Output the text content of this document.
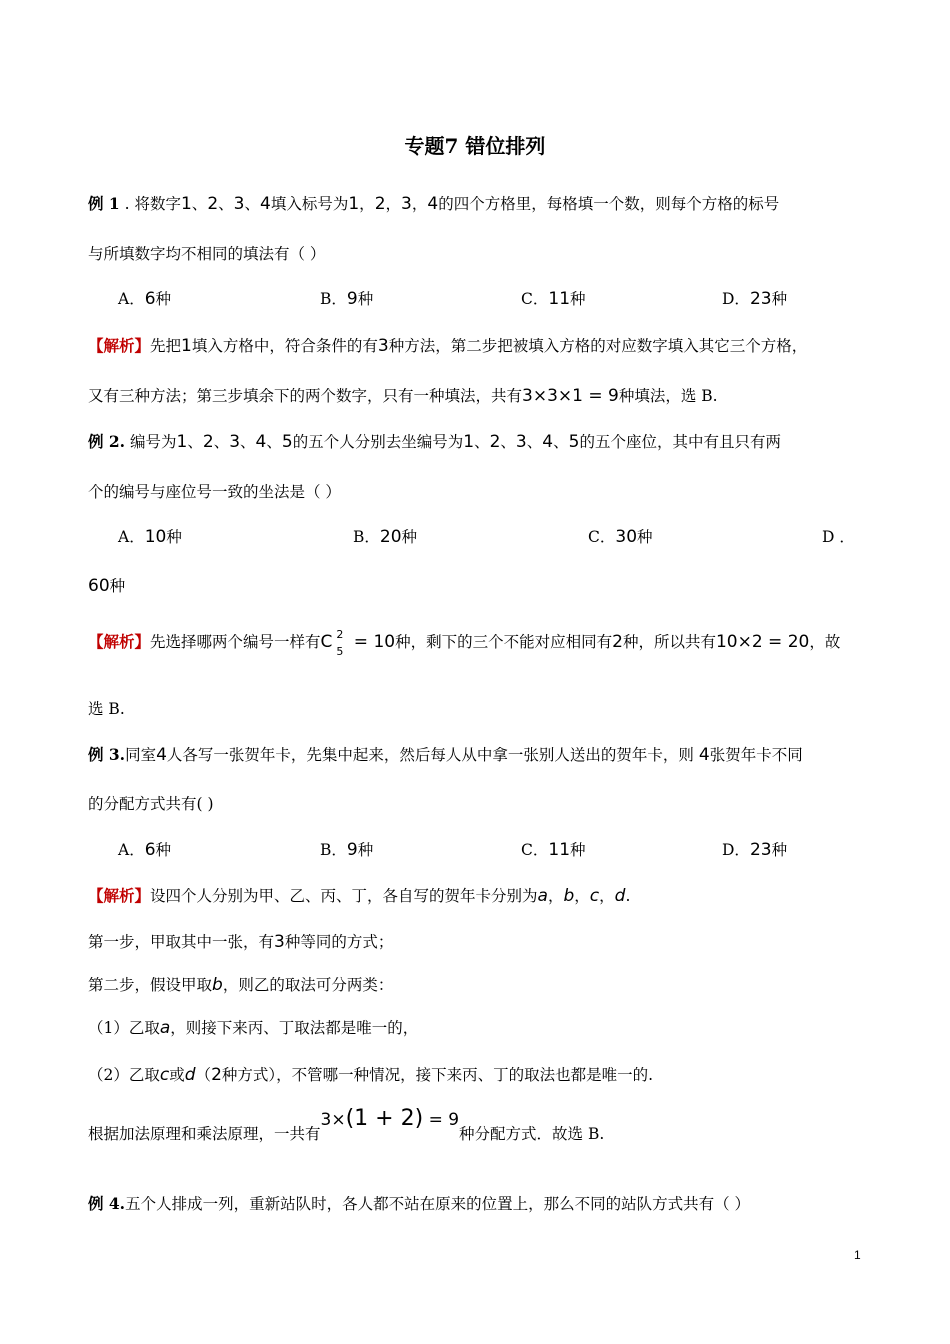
专题7 错位排列
例 1 . 将数字1、2、3、4填入标号为1，2，3，4的四个方格里，每格填一个数，则每个方格的标号
与所填数字均不相同的填法有（ ）
A．6种	B．9种	C．11种	D．23种
【解析】先把1填入方格中，符合条件的有3种方法，第二步把被填入方格的对应数字填入其它三个方格，
又有三种方法；第三步填余下的两个数字，只有一种填法，共有3×3×1 = 9种填法，选 B.
例 2. 编号为1、2、3、4、5的五个人分别去坐编号为1、2、3、4、5的五个座位，其中有且只有两
个的编号与座位号一致的坐法是（ ）
A．10种	B．20种	C．30种	D ．
60种
【解析】先选择哪两个编号一样有C 2
5 = 10种，剩下的三个不能对应相同有2种，所以共有10×2 = 20，故
选 B.
例 3.同室4人各写一张贺年卡，先集中起来，然后每人从中拿一张别人送出的贺年卡，则 4张贺年卡不同
的分配方式共有( )
A．6种	B．9种	C．11种	D．23种
【解析】设四个人分别为甲、乙、丙、丁，各自写的贺年卡分别为a，b，c，d.
第一步，甲取其中一张，有3种等同的方式；
第二步，假设甲取b，则乙的取法可分两类：
（1）乙取a，则接下来丙、丁取法都是唯一的，
（2）乙取c或d（2种方式），不管哪一种情况，接下来丙、丁的取法也都是唯一的.
根据加法原理和乘法原理，一共有3×(1 + 2) = 9种分配方式．故选 B.
例 4.五个人排成一列，重新站队时，各人都不站在原来的位置上，那么不同的站队方式共有（ ）
1
